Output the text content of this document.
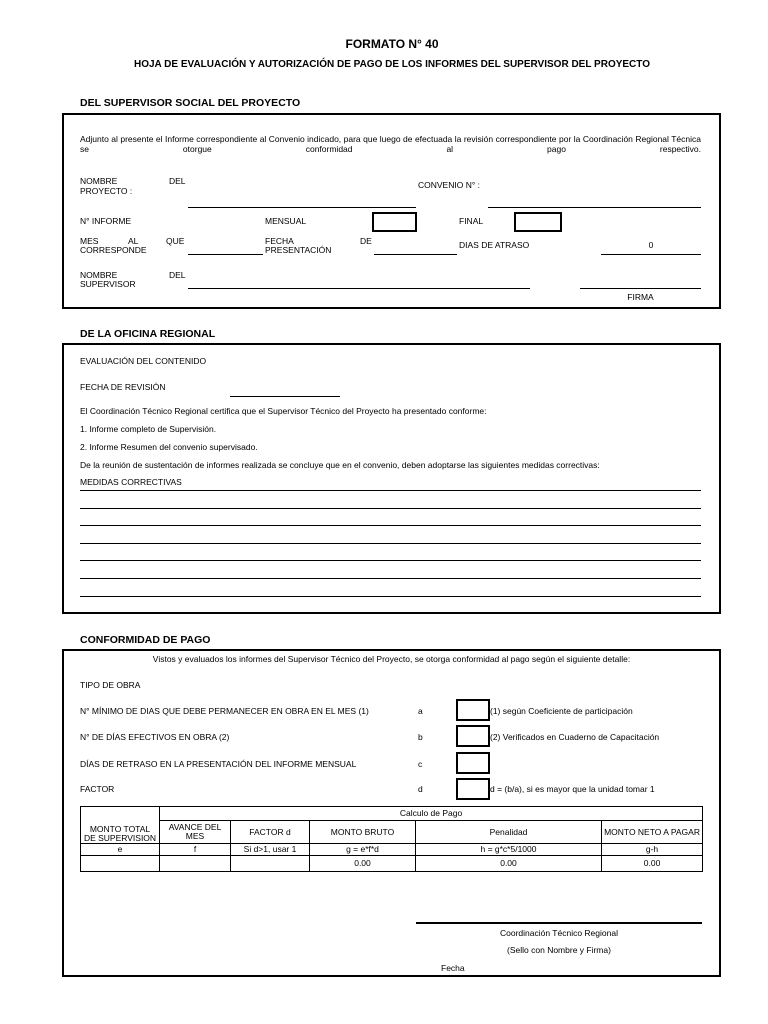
FORMATO N° 40
HOJA DE EVALUACIÓN Y AUTORIZACIÓN DE PAGO DE LOS INFORMES DEL SUPERVISOR DEL PROYECTO
DEL SUPERVISOR SOCIAL DEL PROYECTO
Adjunto al presente el Informe correspondiente al Convenio indicado, para que luego de efectuada la revisión correspondiente por la Coordinación Regional Técnica se otorgue conformidad al pago respectivo.
NOMBRE	DEL
PROYECTO :
CONVENIO N° :
N° INFORME	MENSUAL	FINAL
MES	AL	QUE
CORRESPONDE
FECHA	DE
PRESENTACIÓN	DIAS DE ATRASO	0
NOMBRE	DEL
SUPERVISOR
FIRMA
DE LA OFICINA REGIONAL
EVALUACIÓN DEL CONTENIDO
FECHA DE REVISIÓN
El Coordinación Técnico Regional certifica que el Supervisor Técnico del Proyecto ha presentado conforme:
1. Informe completo de Supervisión.
2. Informe Resumen del convenio supervisado.
De la reunión de sustentación de informes realizada se concluye que en el convenio, deben adoptarse las siguientes medidas correctivas:
MEDIDAS CORRECTIVAS
CONFORMIDAD DE PAGO
Vistos y evaluados los informes del Supervisor Técnico del Proyecto, se otorga conformidad al pago según el siguiente detalle:
TIPO DE OBRA
N° MÍNIMO DE DIAS QUE DEBE PERMANECER EN OBRA EN EL MES (1)	a	(1) según Coeficiente de participación
N° DE DÍAS EFECTIVOS EN OBRA (2)	b	(2) Verificados en Cuaderno de Capacitación
DÍAS DE RETRASO EN LA PRESENTACIÓN DEL INFORME MENSUAL	c
FACTOR	d	d = (b/a), si es mayor que la unidad tomar 1
MONTO TOTAL DE SUPERVISION	Calculo de Pago				
	AVANCE DEL MES	FACTOR d	MONTO BRUTO	Penalidad	MONTO NETO A PAGAR
e	f	Si d>1, usar 1	g = e*f*d	h = g*c*5/1000	g-h
			0.00	0.00	0.00
Coordinación Técnico Regional
(Sello con Nombre y Firma)
Fecha
